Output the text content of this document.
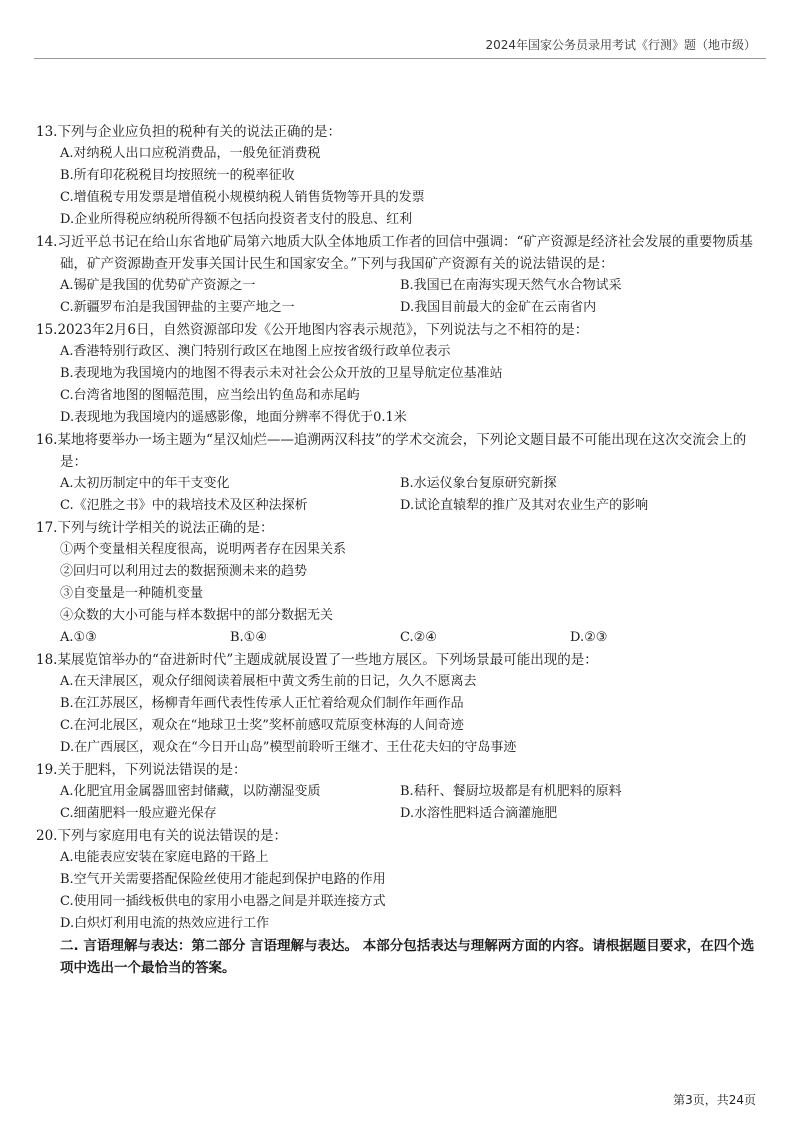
2024年国家公务员录用考试《行测》题（地市级）

13.下列与企业应负担的税种有关的说法正确的是：

A.对纳税人出口应税消费品，一般免征消费税
B.所有印花税税目均按照统一的税率征收
C.增值税专用发票是增值税小规模纳税人销售货物等开具的发票
D.企业所得税应纳税所得额不包括向投资者支付的股息、红利

14.习近平总书记在给山东省地矿局第六地质大队全体地质工作者的回信中强调：“矿产资源是经济社会发展的重要物质基础，矿产资源勘查开发事关国计民生和国家安全。”下列与我国矿产资源有关的说法错误的是：

A.锡矿是我国的优势矿产资源之一	B.我国已在南海实现天然气水合物试采
C.新疆罗布泊是我国钾盐的主要产地之一	D.我国目前最大的金矿在云南省内

15.2023年2月6日，自然资源部印发《公开地图内容表示规范》，下列说法与之不相符的是：

A.香港特别行政区、澳门特别行政区在地图上应按省级行政单位表示
B.表现地为我国境内的地图不得表示未对社会公众开放的卫星导航定位基准站
C.台湾省地图的图幅范围，应当绘出钓鱼岛和赤尾屿
D.表现地为我国境内的遥感影像，地面分辨率不得优于0.1米

16.某地将要举办一场主题为“星汉灿烂——追溯两汉科技”的学术交流会，下列论文题目最不可能出现在这次交流会上的是：

A.太初历制定中的年干支变化	B.水运仪象台复原研究新探
C.《氾胜之书》中的栽培技术及区种法探析	D.试论直辕犁的推广及其对农业生产的影响

17.下列与统计学相关的说法正确的是：

①两个变量相关程度很高，说明两者存在因果关系
②回归可以利用过去的数据预测未来的趋势
③自变量是一种随机变量
④众数的大小可能与样本数据中的部分数据无关
A.①③	B.①④	C.②④	D.②③

18.某展览馆举办的“奋进新时代”主题成就展设置了一些地方展区。下列场景最可能出现的是：

A.在天津展区，观众仔细阅读着展柜中黄文秀生前的日记，久久不愿离去
B.在江苏展区，杨柳青年画代表性传承人正忙着给观众们制作年画作品
C.在河北展区，观众在“地球卫士奖”奖杯前感叹荒原变林海的人间奇迹
D.在广西展区，观众在“今日开山岛”模型前聆听王继才、王仕花夫妇的守岛事迹

19.关于肥料，下列说法错误的是：

A.化肥宜用金属器皿密封储藏，以防潮湿变质	B.秸秆、餐厨垃圾都是有机肥料的原料
C.细菌肥料一般应避光保存	D.水溶性肥料适合滴灌施肥

20.下列与家庭用电有关的说法错误的是：

A.电能表应安装在家庭电路的干路上
B.空气开关需要搭配保险丝使用才能起到保护电路的作用
C.使用同一插线板供电的家用小电器之间是并联连接方式
D.白炽灯利用电流的热效应进行工作
二. 言语理解与表达：第二部分 言语理解与表达。 本部分包括表达与理解两方面的内容。请根据题目要求，在四个选项中选出一个最恰当的答案。
第3页，共24页
